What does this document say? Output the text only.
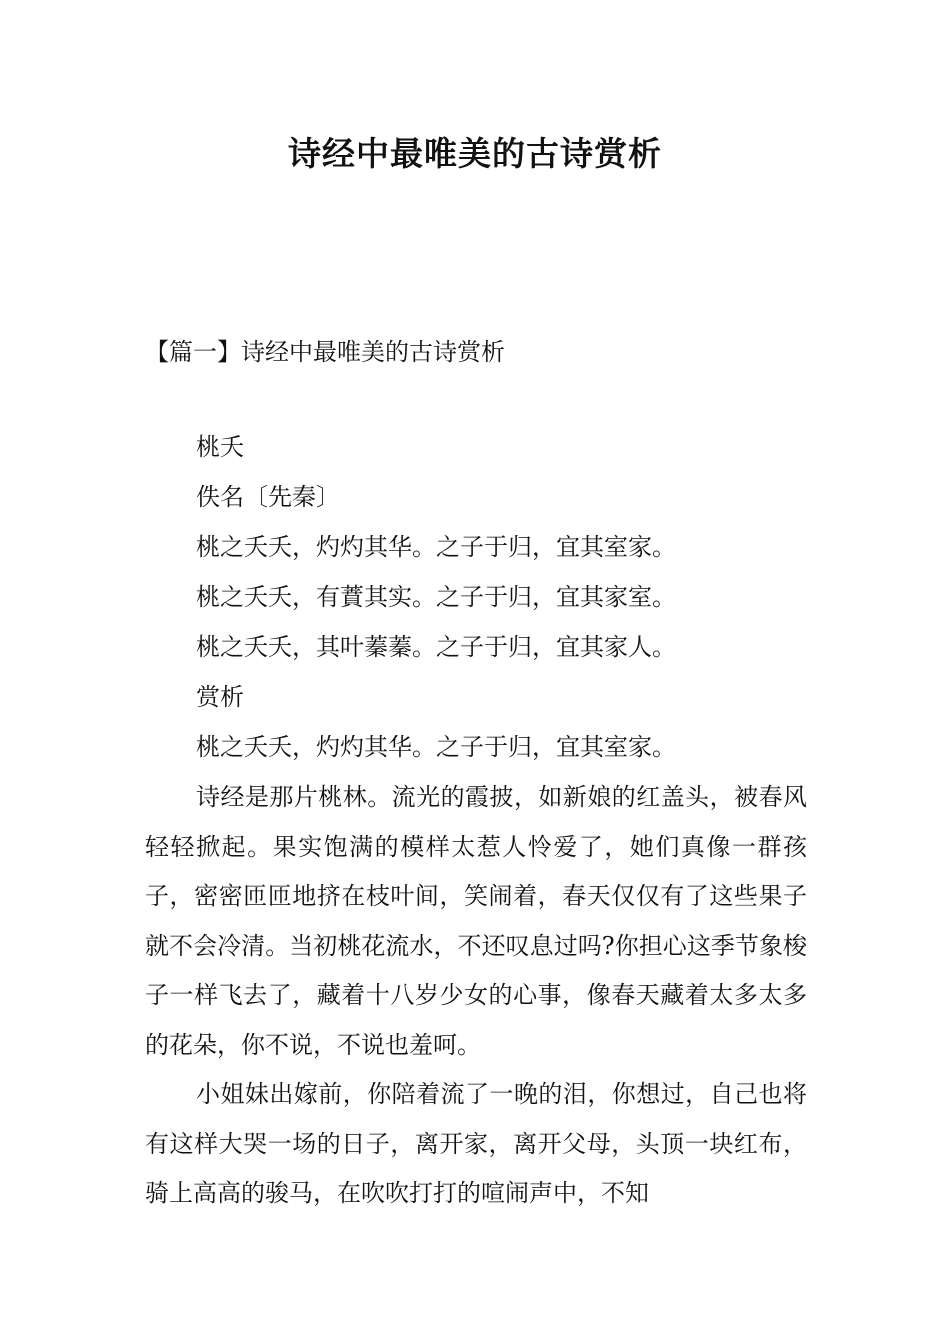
诗经中最唯美的古诗赏析
【篇一】诗经中最唯美的古诗赏析
桃夭
佚名〔先秦〕
桃之夭夭，灼灼其华。之子于归，宜其室家。
桃之夭夭，有蕡其实。之子于归，宜其家室。
桃之夭夭，其叶蓁蓁。之子于归，宜其家人。
赏析
桃之夭夭，灼灼其华。之子于归，宜其室家。

诗经是那片桃林。流光的霞披，如新娘的红盖头，被春风轻轻掀起。果实饱满的模样太惹人怜爱了，她们真像一群孩子，密密匝匝地挤在枝叶间，笑闹着，春天仅仅有了这些果子就不会冷清。当初桃花流水，不还叹息过吗?你担心这季节象梭子一样飞去了，藏着十八岁少女的心事，像春天藏着太多太多的花朵，你不说，不说也羞呵。

小姐妹出嫁前，你陪着流了一晚的泪，你想过，自己也将有这样大哭一场的日子，离开家，离开父母，头顶一块红布，骑上高高的骏马，在吹吹打打的喧闹声中，不知
